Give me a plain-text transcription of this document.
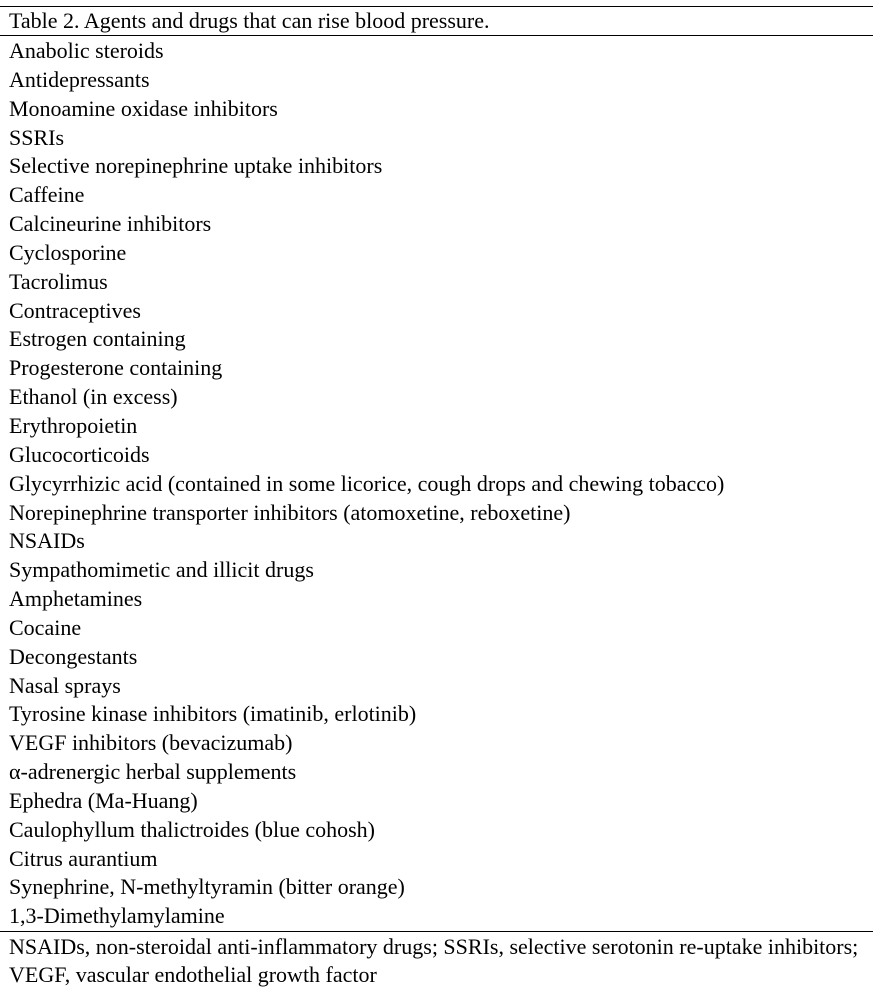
Table 2. Agents and drugs that can rise blood pressure.
Anabolic steroids
Antidepressants
Monoamine oxidase inhibitors
SSRIs
Selective norepinephrine uptake inhibitors
Caffeine
Calcineurine inhibitors
Cyclosporine
Tacrolimus
Contraceptives
Estrogen containing
Progesterone containing
Ethanol (in excess)
Erythropoietin
Glucocorticoids
Glycyrrhizic acid (contained in some licorice, cough drops and chewing tobacco)
Norepinephrine transporter inhibitors (atomoxetine, reboxetine)
NSAIDs
Sympathomimetic and illicit drugs
Amphetamines
Cocaine
Decongestants
Nasal sprays
Tyrosine kinase inhibitors (imatinib, erlotinib)
VEGF inhibitors (bevacizumab)
α-adrenergic herbal supplements
Ephedra (Ma-Huang)
Caulophyllum thalictroides (blue cohosh)
Citrus aurantium
Synephrine, N-methyltyramin (bitter orange)
1,3-Dimethylamylamine
NSAIDs, non-steroidal anti-inflammatory drugs; SSRIs, selective serotonin re-uptake inhibitors; VEGF, vascular endothelial growth factor
